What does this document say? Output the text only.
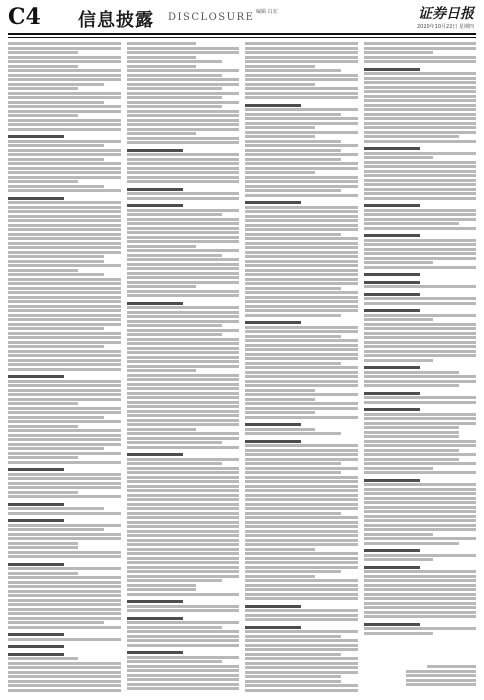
C4 信息披露 DISCLOSURE 编辑 白宏	证券日报
2020年10月22日 星期四
